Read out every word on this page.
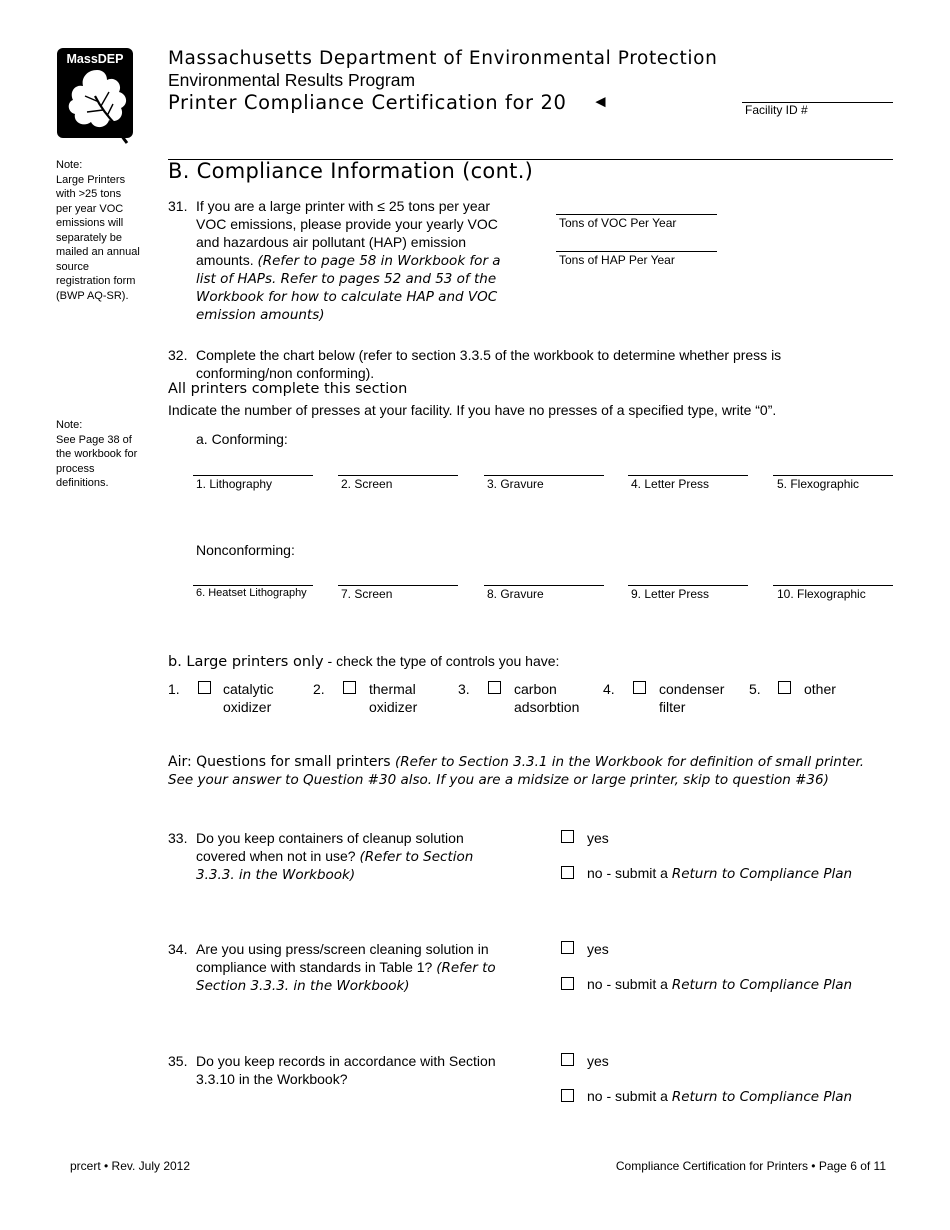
MassDEP Massachusetts Department of Environmental Protection
Environmental Results Program
Printer Compliance Certification for 20 ◄	Facility ID #
Note:
Large Printers
with >25 tons
per year VOC
emissions will
separately be
mailed an annual
source
registration form
(BWP AQ-SR).
Note:
See Page 38 of
the workbook for
process
definitions.
B. Compliance Information (cont.)
31. If you are a large printer with ≤ 25 tons per year
VOC emissions, please provide your yearly VOC
and hazardous air pollutant (HAP) emission
amounts. (Refer to page 58 in Workbook for a
list of HAPs. Refer to pages 52 and 53 of the
Workbook for how to calculate HAP and VOC
emission amounts)
Tons of VOC Per Year
Tons of HAP Per Year
32. Complete the chart below (refer to section 3.3.5 of the workbook to determine whether press is
conforming/non conforming).
All printers complete this section
Indicate the number of presses at your facility. If you have no presses of a specified type, write “0”.
a. Conforming:
1. Lithography	2. Screen	3. Gravure	4. Letter Press	5. Flexographic
Nonconforming:
6. Heatset Lithography	7. Screen	8. Gravure	9. Letter Press	10. Flexographic
b. Large printers only - check the type of controls you have:
1.	catalytic
oxidizer
2.	thermal
oxidizer
3.	carbon
adsorbtion
4.	condenser
filter
5.	other
Air: Questions for small printers (Refer to Section 3.3.1 in the Workbook for definition of small printer.
See your answer to Question #30 also. If you are a midsize or large printer, skip to question #36)
33. Do you keep containers of cleanup solution
covered when not in use? (Refer to Section
3.3.3. in the Workbook)
yes
no - submit a Return to Compliance Plan
34. Are you using press/screen cleaning solution in
compliance with standards in Table 1? (Refer to
Section 3.3.3. in the Workbook)
yes
no - submit a Return to Compliance Plan
35. Do you keep records in accordance with Section
3.3.10 in the Workbook?
yes
no - submit a Return to Compliance Plan
prcert • Rev. July 2012	Compliance Certification for Printers • Page 6 of 11
